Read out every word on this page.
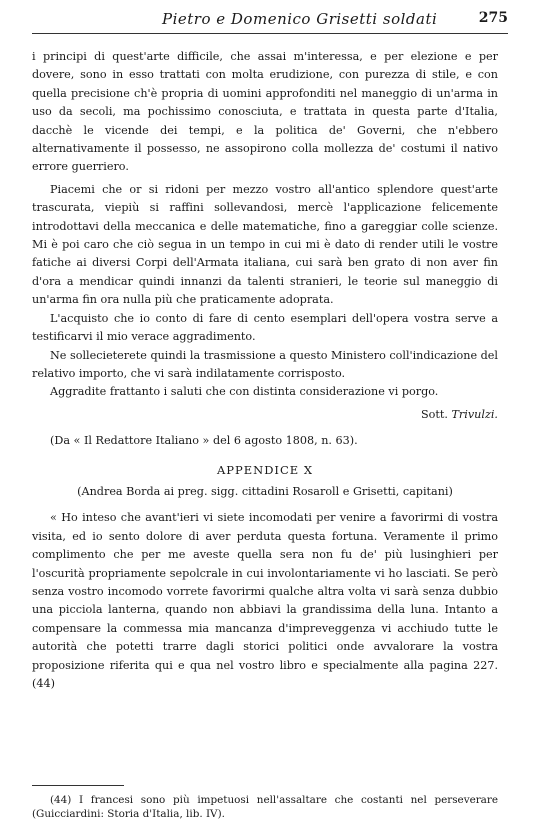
Pietro e Domenico Grisetti soldati	275

i principi di quest'arte difficile, che assai m'interessa, e per elezione e per dovere, sono in esso trattati con molta erudizione, con purezza di stile, e con quella precisione ch'è propria di uomini approfonditi nel maneggio di un'arma in uso da secoli, ma pochissimo conosciuta, e trattata in questa parte d'Italia, dacchè le vicende dei tempi, e la politica de' Governi, che n'ebbero alternativamente il possesso, ne assopirono colla mollezza de' costumi il nativo errore guerriero.

Piacemi che or si ridoni per mezzo vostro all'antico splendore quest'arte trascurata, viepiù si raffini sollevandosi, mercè l'applicazione felicemente introdottavi della meccanica e delle matematiche, fino a gareggiar colle scienze. Mi è poi caro che ciò segua in un tempo in cui mi è dato di render utili le vostre fatiche ai diversi Corpi dell'Armata italiana, cui sarà ben grato di non aver fin d'ora a mendicar quindi innanzi da talenti stranieri, le teorie sul maneggio di un'arma fin ora nulla più che praticamente adoprata.

L'acquisto che io conto di fare di cento esemplari dell'opera vostra serve a testificarvi il mio verace aggradimento.

Ne sollecieterete quindi la trasmissione a questo Ministero coll'indicazione del relativo importo, che vi sarà indilatamente corrisposto.

Aggradite frattanto i saluti che con distinta considerazione vi porgo.

Sott. Trivulzi.

(Da « Il Redattore Italiano » del 6 agosto 1808, n. 63).

APPENDICE X
(Andrea Borda ai preg. sigg. cittadini Rosaroll e Grisetti, capitani)

« Ho inteso che avant'ieri vi siete incomodati per venire a favorirmi di vostra visita, ed io sento dolore di aver perduta questa fortuna. Veramente il primo complimento che per me aveste quella sera non fu de' più lusinghieri per l'oscurità propriamente sepolcrale in cui involontariamente vi ho lasciati. Se però senza vostro incomodo vorrete favorirmi qualche altra volta vi sarà senza dubbio una picciola lanterna, quando non abbiavi la grandissima della luna. Intanto a compensare la commessa mia mancanza d'impreveggenza vi acchiudo tutte le autorità che potetti trarre dagli storici politici onde avvalorare la vostra proposizione riferita qui e qua nel vostro libro e specialmente alla pagina 227. (44)

(44) I francesi sono più impetuosi nell'assaltare che costanti nel perseverare (Guicciardini: Storia d'Italia, lib. IV).
